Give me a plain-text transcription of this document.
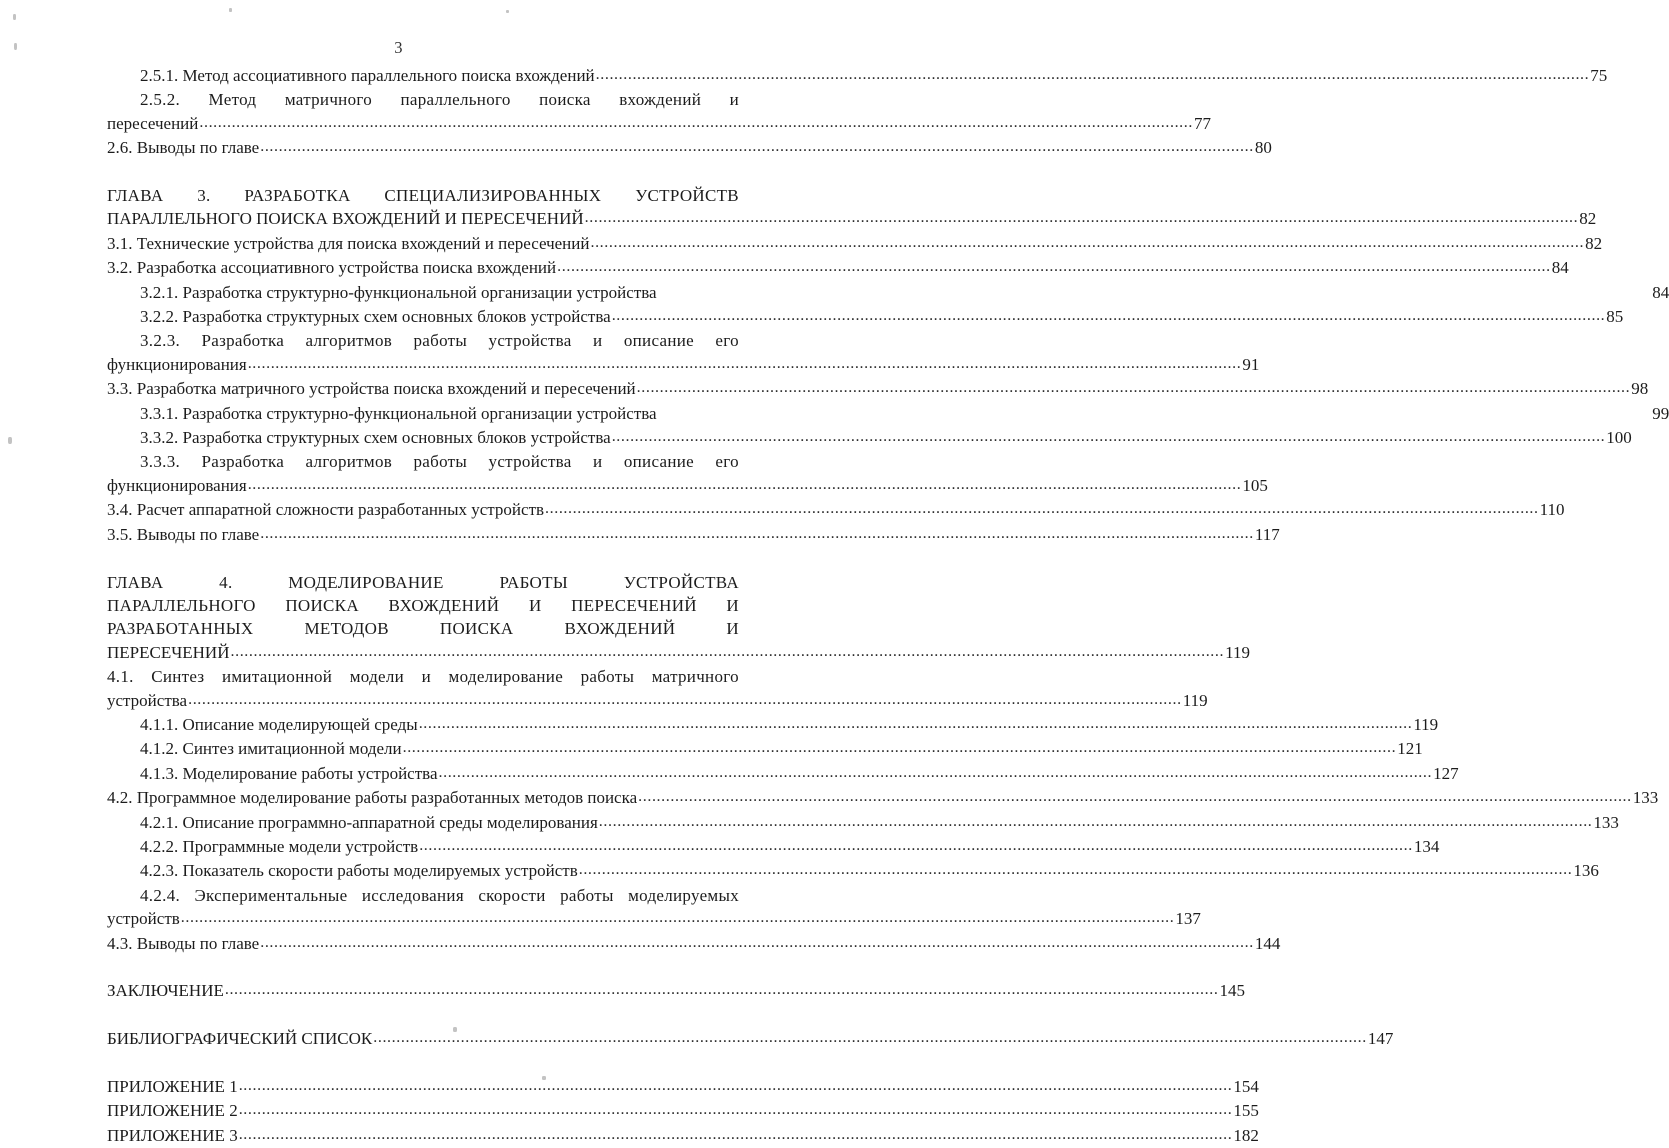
3
2.5.1. Метод ассоциативного параллельного поиска вхождений .....	75
2.5.2. Метод матричного параллельного поиска вхождений и
пересечений .....	77
2.6. Выводы по главе .....	80
ГЛАВА 3. РАЗРАБОТКА СПЕЦИАЛИЗИРОВАННЫХ УСТРОЙСТВ
ПАРАЛЛЕЛЬНОГО ПОИСКА ВХОЖДЕНИЙ И ПЕРЕСЕЧЕНИЙ .....	82
3.1. Технические устройства для поиска вхождений и пересечений .....	82
3.2. Разработка ассоциативного устройства поиска вхождений .....	84
3.2.1. Разработка структурно-функциональной организации устройства	84
3.2.2. Разработка структурных схем основных блоков устройства .....	85
3.2.3. Разработка алгоритмов работы устройства и описание его
функционирования .....	91
3.3. Разработка матричного устройства поиска вхождений и пересечений .....	98
3.3.1. Разработка структурно-функциональной организации устройства	99
3.3.2. Разработка структурных схем основных блоков устройства .....	100
3.3.3. Разработка алгоритмов работы устройства и описание его
функционирования .....	105
3.4. Расчет аппаратной сложности разработанных устройств .....	110
3.5. Выводы по главе .....	117
ГЛАВА	4.	МОДЕЛИРОВАНИЕ	РАБОТЫ	УСТРОЙСТВА
ПАРАЛЛЕЛЬНОГО ПОИСКА ВХОЖДЕНИЙ И ПЕРЕСЕЧЕНИЙ И
РАЗРАБОТАННЫХ	МЕТОДОВ	ПОИСКА	ВХОЖДЕНИЙ	И
ПЕРЕСЕЧЕНИЙ .....	119
4.1. Синтез имитационной модели и моделирование работы матричного
устройства .....	119
4.1.1. Описание моделирующей среды .....	119
4.1.2. Синтез имитационной модели .....	121
4.1.3. Моделирование работы устройства .....	127
4.2. Программное моделирование работы разработанных методов поиска .....	133
4.2.1. Описание программно-аппаратной среды моделирования .....	133
4.2.2. Программные модели устройств .....	134
4.2.3. Показатель скорости работы моделируемых устройств .....	136
4.2.4. Экспериментальные исследования скорости работы моделируемых
устройств .....	137
4.3. Выводы по главе .....	144
ЗАКЛЮЧЕНИЕ .....	145
БИБЛИОГРАФИЧЕСКИЙ СПИСОК .....	147
ПРИЛОЖЕНИЕ 1 .....	154
ПРИЛОЖЕНИЕ 2 .....	155
ПРИЛОЖЕНИЕ 3 .....	182
